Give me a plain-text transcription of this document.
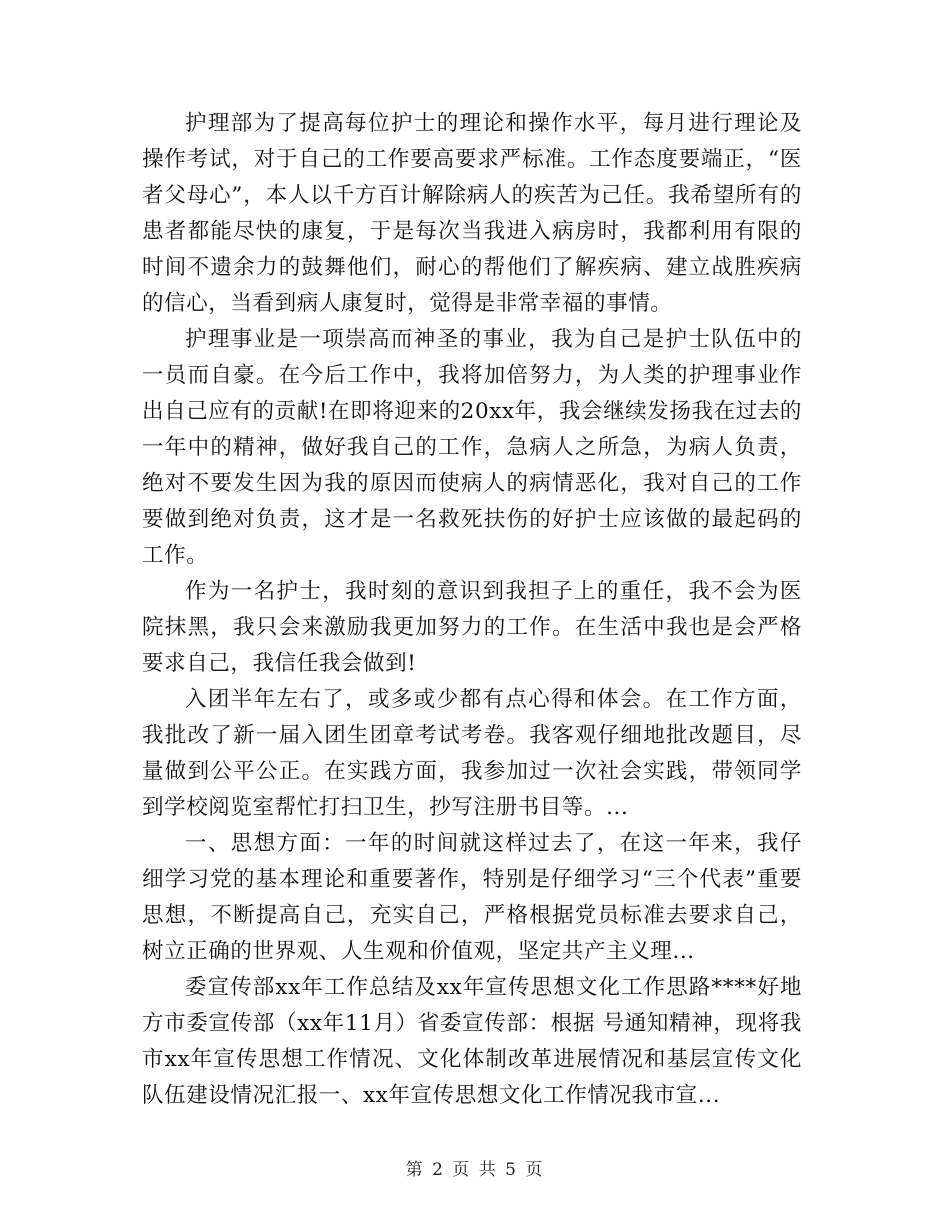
护理部为了提高每位护士的理论和操作水平，每月进行理论及操作考试，对于自己的工作要高要求严标准。工作态度要端正，“医者父母心”，本人以千方百计解除病人的疾苦为己任。我希望所有的患者都能尽快的康复，于是每次当我进入病房时，我都利用有限的时间不遗余力的鼓舞他们，耐心的帮他们了解疾病、建立战胜疾病的信心，当看到病人康复时，觉得是非常幸福的事情。

护理事业是一项崇高而神圣的事业，我为自己是护士队伍中的一员而自豪。在今后工作中，我将加倍努力，为人类的护理事业作出自己应有的贡献!在即将迎来的20xx年，我会继续发扬我在过去的一年中的精神，做好我自己的工作，急病人之所急，为病人负责，绝对不要发生因为我的原因而使病人的病情恶化，我对自己的工作要做到绝对负责，这才是一名救死扶伤的好护士应该做的最起码的工作。

作为一名护士，我时刻的意识到我担子上的重任，我不会为医院抹黑，我只会来激励我更加努力的工作。在生活中我也是会严格要求自己，我信任我会做到!

入团半年左右了，或多或少都有点心得和体会。在工作方面，我批改了新一届入团生团章考试考卷。我客观仔细地批改题目，尽量做到公平公正。在实践方面，我参加过一次社会实践，带领同学到学校阅览室帮忙打扫卫生，抄写注册书目等。...

一、思想方面：一年的时间就这样过去了，在这一年来，我仔细学习党的基本理论和重要著作，特别是仔细学习“三个代表”重要思想，不断提高自己，充实自己，严格根据党员标准去要求自己，树立正确的世界观、人生观和价值观，坚定共产主义理...

委宣传部xx年工作总结及xx年宣传思想文化工作思路****好地方市委宣传部（xx年11月）省委宣传部：根据 号通知精神，现将我市xx年宣传思想工作情况、文化体制改革进展情况和基层宣传文化队伍建设情况汇报一、xx年宣传思想文化工作情况我市宣...

第 2 页 共 5 页
